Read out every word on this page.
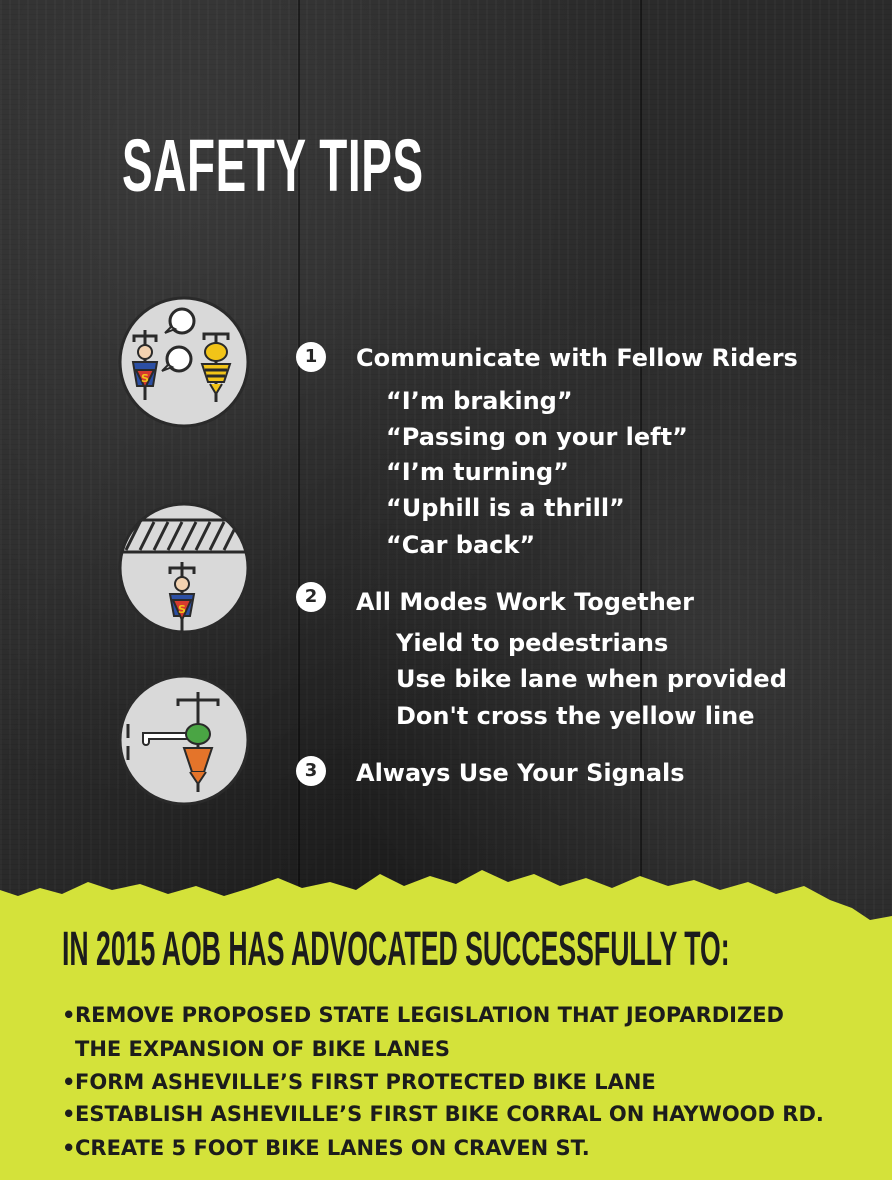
SAFETY TIPS
S
S
1	Communicate with Fellow Riders
“I’m braking”
“Passing on your left”
“I’m turning”
“Uphill is a thrill”
“Car back”
2	All Modes Work Together
Yield to pedestrians
Use bike lane when provided
Don't cross the yellow line
3	Always Use Your Signals
IN 2015 AOB HAS ADVOCATED SUCCESSFULLY TO:
•REMOVE PROPOSED STATE LEGISLATION THAT JEOPARDIZED
THE EXPANSION OF BIKE LANES
•FORM ASHEVILLE’S FIRST PROTECTED BIKE LANE
•ESTABLISH ASHEVILLE’S FIRST BIKE CORRAL ON HAYWOOD RD.
•CREATE 5 FOOT BIKE LANES ON CRAVEN ST.
